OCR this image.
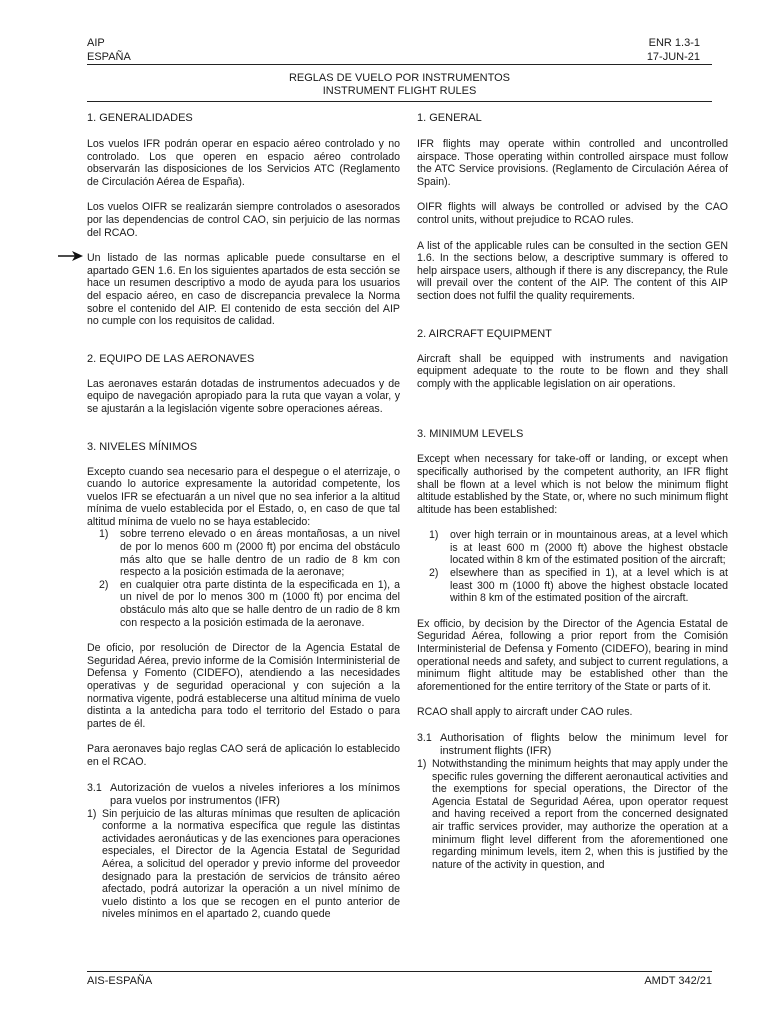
AIP
ESPAÑA
ENR 1.3-1
17-JUN-21
REGLAS DE VUELO POR INSTRUMENTOS
INSTRUMENT FLIGHT RULES

1. GENERALIDADES

Los vuelos IFR podrán operar en espacio aéreo controlado y no controlado. Los que operen en espacio aéreo controlado observarán las disposiciones de los Servicios ATC (Reglamento de Circulación Aérea de España).

Los vuelos OIFR se realizarán siempre controlados o asesorados por las dependencias de control CAO, sin perjuicio de las normas del RCAO.

Un listado de las normas aplicable puede consultarse en el apartado GEN 1.6. En los siguientes apartados de esta sección se hace un resumen descriptivo a modo de ayuda para los usuarios del espacio aéreo, en caso de discrepancia prevalece la Norma sobre el contenido del AIP. El contenido de esta sección del AIP no cumple con los requisitos de calidad.

2. EQUIPO DE LAS AERONAVES

Las aeronaves estarán dotadas de instrumentos adecuados y de equipo de navegación apropiado para la ruta que vayan a volar, y se ajustarán a la legislación vigente sobre operaciones aéreas.

3. NIVELES MÍNIMOS

Excepto cuando sea necesario para el despegue o el aterrizaje, o cuando lo autorice expresamente la autoridad competente, los vuelos IFR se efectuarán a un nivel que no sea inferior a la altitud mínima de vuelo establecida por el Estado, o, en caso de que tal altitud mínima de vuelo no se haya establecido:

1)	sobre terreno elevado o en áreas montañosas, a un nivel de por lo menos 600 m (2000 ft) por encima del obstáculo más alto que se halle dentro de un radio de 8 km con respecto a la posición estimada de la aeronave;
2)	en cualquier otra parte distinta de la especificada en 1), a un nivel de por lo menos 300 m (1000 ft) por encima del obstáculo más alto que se halle dentro de un radio de 8 km con respecto a la posición estimada de la aeronave.

De oficio, por resolución de Director de la Agencia Estatal de Seguridad Aérea, previo informe de la Comisión Interministerial de Defensa y Fomento (CIDEFO), atendiendo a las necesidades operativas y de seguridad operacional y con sujeción a la normativa vigente, podrá establecerse una altitud mínima de vuelo distinta a la antedicha para todo el territorio del Estado o para partes de él.

Para aeronaves bajo reglas CAO será de aplicación lo establecido en el RCAO.

3.1 Autorización de vuelos a niveles inferiores a los mínimos para vuelos por instrumentos (IFR)
1) Sin perjuicio de las alturas mínimas que resulten de aplicación conforme a la normativa específica que regule las distintas actividades aeronáuticas y de las exenciones para operaciones especiales, el Director de la Agencia Estatal de Seguridad Aérea, a solicitud del operador y previo informe del proveedor designado para la prestación de servicios de tránsito aéreo afectado, podrá autorizar la operación a un nivel mínimo de vuelo distinto a los que se recogen en el punto anterior de niveles mínimos en el apartado 2, cuando quede

1. GENERAL

IFR flights may operate within controlled and uncontrolled airspace. Those operating within controlled airspace must follow the ATC Service provisions. (Reglamento de Circulación Aérea of Spain).

OIFR flights will always be controlled or advised by the CAO control units, without prejudice to RCAO rules.

A list of the applicable rules can be consulted in the section GEN 1.6. In the sections below, a descriptive summary is offered to help airspace users, although if there is any discrepancy, the Rule will prevail over the content of the AIP. The content of this AIP section does not fulfil the quality requirements.

2. AIRCRAFT EQUIPMENT

Aircraft shall be equipped with instruments and navigation equipment adequate to the route to be flown and they shall comply with the applicable legislation on air operations.

3. MINIMUM LEVELS

Except when necessary for take-off or landing, or except when specifically authorised by the competent authority, an IFR flight shall be flown at a level which is not below the minimum flight altitude established by the State, or, where no such minimum flight altitude has been established:

1)	over high terrain or in mountainous areas, at a level which is at least 600 m (2000 ft) above the highest obstacle located within 8 km of the estimated position of the aircraft;
2)	elsewhere than as specified in 1), at a level which is at least 300 m (1000 ft) above the highest obstacle located within 8 km of the estimated position of the aircraft.

Ex officio, by decision by the Director of the Agencia Estatal de Seguridad Aérea, following a prior report from the Comisión Interministerial de Defensa y Fomento (CIDEFO), bearing in mind operational needs and safety, and subject to current regulations, a minimum flight altitude may be established other than the aforementioned for the entire territory of the State or parts of it.

RCAO shall apply to aircraft under CAO rules.

3.1 Authorisation of flights below the minimum level for instrument flights (IFR)
1) Notwithstanding the minimum heights that may apply under the specific rules governing the different aeronautical activities and the exemptions for special operations, the Director of the Agencia Estatal de Seguridad Aérea, upon operator request and having received a report from the concerned designated air traffic services provider, may authorize the operation at a minimum flight level different from the aforementioned one regarding minimum levels, item 2, when this is justified by the nature of the activity in question, and
AIS-ESPAÑA	AMDT 342/21
